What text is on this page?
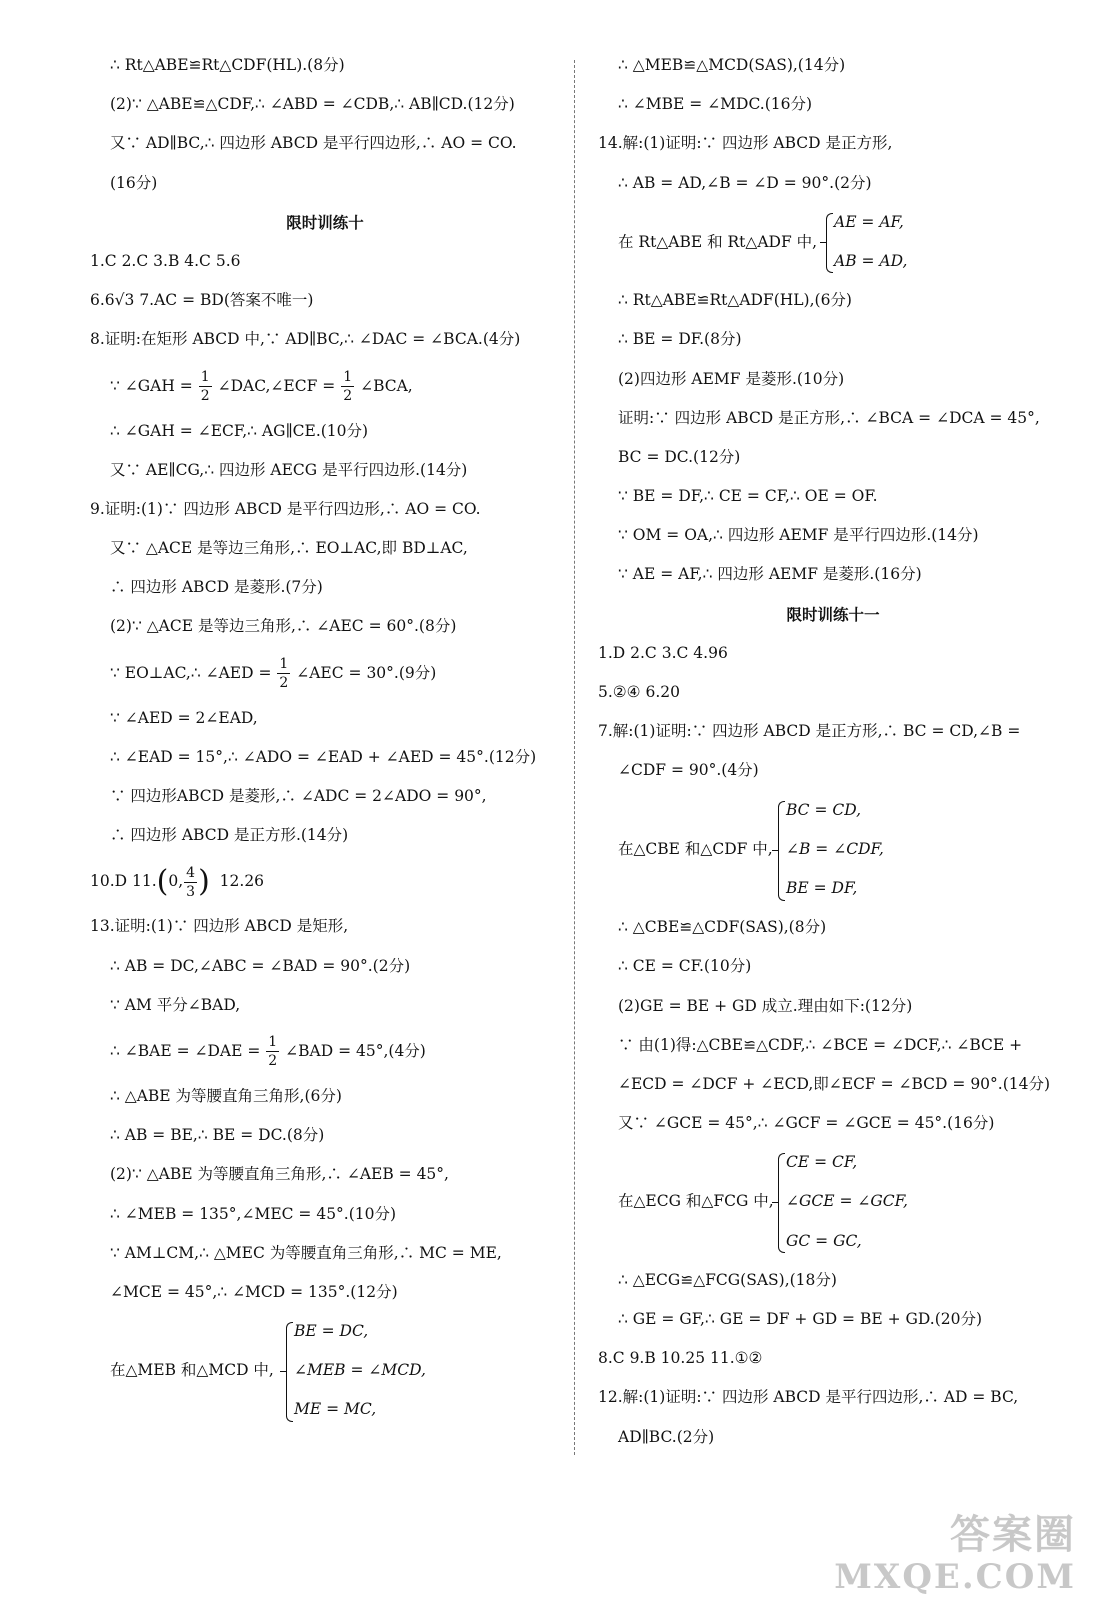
∴ Rt△ABE≌Rt△CDF(HL).(8分)
(2)∵ △ABE≌△CDF,∴ ∠ABD = ∠CDB,∴ AB∥CD.(12分)
又∵ AD∥BC,∴ 四边形 ABCD 是平行四边形,∴ AO = CO.
(16分)
限时训练十
1.C 2.C 3.B 4.C 5.6
6.6√3 7.AC = BD(答案不唯一)
8.证明:在矩形 ABCD 中,∵ AD∥BC,∴ ∠DAC = ∠BCA.(4分)
∵ ∠GAH = $\frac{1}{2}$ ∠DAC,∠ECF = $\frac{1}{2}$ ∠BCA,
∴ ∠GAH = ∠ECF,∴ AG∥CE.(10分)
又∵ AE∥CG,∴ 四边形 AECG 是平行四边形.(14分)
9.证明:(1)∵ 四边形 ABCD 是平行四边形,∴ AO = CO.
又∵ △ACE 是等边三角形,∴ EO⊥AC,即 BD⊥AC,
∴ 四边形 ABCD 是菱形.(7分)
(2)∵ △ACE 是等边三角形,∴ ∠AEC = 60°.(8分)
∵ EO⊥AC,∴ ∠AED = $\frac{1}{2}$ ∠AEC = 30°.(9分)
∵ ∠AED = 2∠EAD,
∴ ∠EAD = 15°,∴ ∠ADO = ∠EAD + ∠AED = 45°.(12分)
∵ 四边形ABCD 是菱形,∴ ∠ADC = 2∠ADO = 90°,
∴ 四边形 ABCD 是正方形.(14分)
10.D 11.(0, $\frac{4}{3}$ ) 12.26
13.证明:(1)∵ 四边形 ABCD 是矩形,
∴ AB = DC,∠ABC = ∠BAD = 90°.(2分)
∵ AM 平分∠BAD,
∴ ∠BAE = ∠DAE = $\frac{1}{2}$ ∠BAD = 45°,(4分)
∴ △ABE 为等腰直角三角形,(6分)
∴ AB = BE,∴ BE = DC.(8分)
(2)∵ △ABE 为等腰直角三角形,∴ ∠AEB = 45°,
∴ ∠MEB = 135°,∠MEC = 45°.(10分)
∵ AM⊥CM,∴ △MEC 为等腰直角三角形,∴ MC = ME,
∠MCE = 45°,∴ ∠MCD = 135°.(12分)
在△MEB 和△MCD 中,
BE = DC,
∠MEB = ∠MCD,
ME = MC,
∴ △MEB≌△MCD(SAS),(14分)
∴ ∠MBE = ∠MDC.(16分)
14.解:(1)证明:∵ 四边形 ABCD 是正方形,
∴ AB = AD,∠B = ∠D = 90°.(2分)
在 Rt△ABE 和 Rt△ADF 中,
AE = AF,
AB = AD,
∴ Rt△ABE≌Rt△ADF(HL),(6分)
∴ BE = DF.(8分)
(2)四边形 AEMF 是菱形.(10分)
证明:∵ 四边形 ABCD 是正方形,∴ ∠BCA = ∠DCA = 45°,
BC = DC.(12分)
∵ BE = DF,∴ CE = CF,∴ OE = OF.
∵ OM = OA,∴ 四边形 AEMF 是平行四边形.(14分)
∵ AE = AF,∴ 四边形 AEMF 是菱形.(16分)
限时训练十一
1.D 2.C 3.C 4.96
5.②④ 6.20
7.解:(1)证明:∵ 四边形 ABCD 是正方形,∴ BC = CD,∠B =
∠CDF = 90°.(4分)
在△CBE 和△CDF 中,
BC = CD,
∠B = ∠CDF,
BE = DF,
∴ △CBE≌△CDF(SAS),(8分)
∴ CE = CF.(10分)
(2)GE = BE + GD 成立.理由如下:(12分)
∵ 由(1)得:△CBE≌△CDF,∴ ∠BCE = ∠DCF,∴ ∠BCE +
∠ECD = ∠DCF + ∠ECD,即∠ECF = ∠BCD = 90°.(14分)
又∵ ∠GCE = 45°,∴ ∠GCF = ∠GCE = 45°.(16分)
在△ECG 和△FCG 中,
CE = CF,
∠GCE = ∠GCF,
GC = GC,
∴ △ECG≌△FCG(SAS),(18分)
∴ GE = GF,∴ GE = DF + GD = BE + GD.(20分)
8.C 9.B 10.25 11.①②
12.解:(1)证明:∵ 四边形 ABCD 是平行四边形,∴ AD = BC,
AD∥BC.(2分)
答案圈
MXQE.COM
